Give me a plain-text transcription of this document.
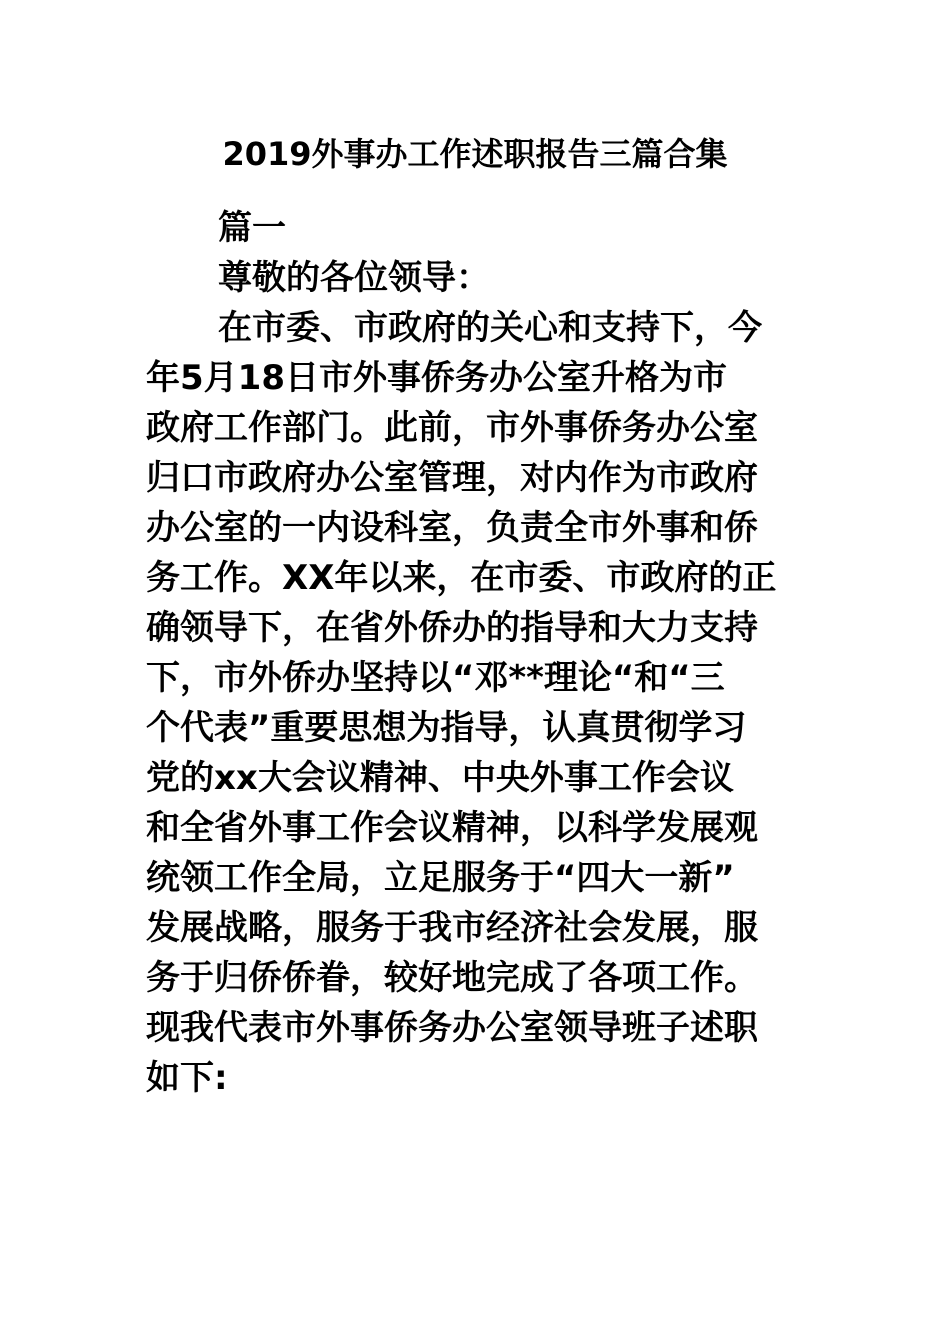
2019外事办工作述职报告三篇合集
篇一
尊敬的各位领导：
在市委、市政府的关心和支持下，今
年5月18日市外事侨务办公室升格为市
政府工作部门。此前，市外事侨务办公室
归口市政府办公室管理，对内作为市政府
办公室的一内设科室，负责全市外事和侨
务工作。XX年以来，在市委、市政府的正
确领导下，在省外侨办的指导和大力支持
下，市外侨办坚持以“邓**理论“和“三
个代表”重要思想为指导，认真贯彻学习
党的xx大会议精神、中央外事工作会议
和全省外事工作会议精神，以科学发展观
统领工作全局，立足服务于“四大一新”
发展战略，服务于我市经济社会发展，服
务于归侨侨眷，较好地完成了各项工作。
现我代表市外事侨务办公室领导班子述职
如下:
